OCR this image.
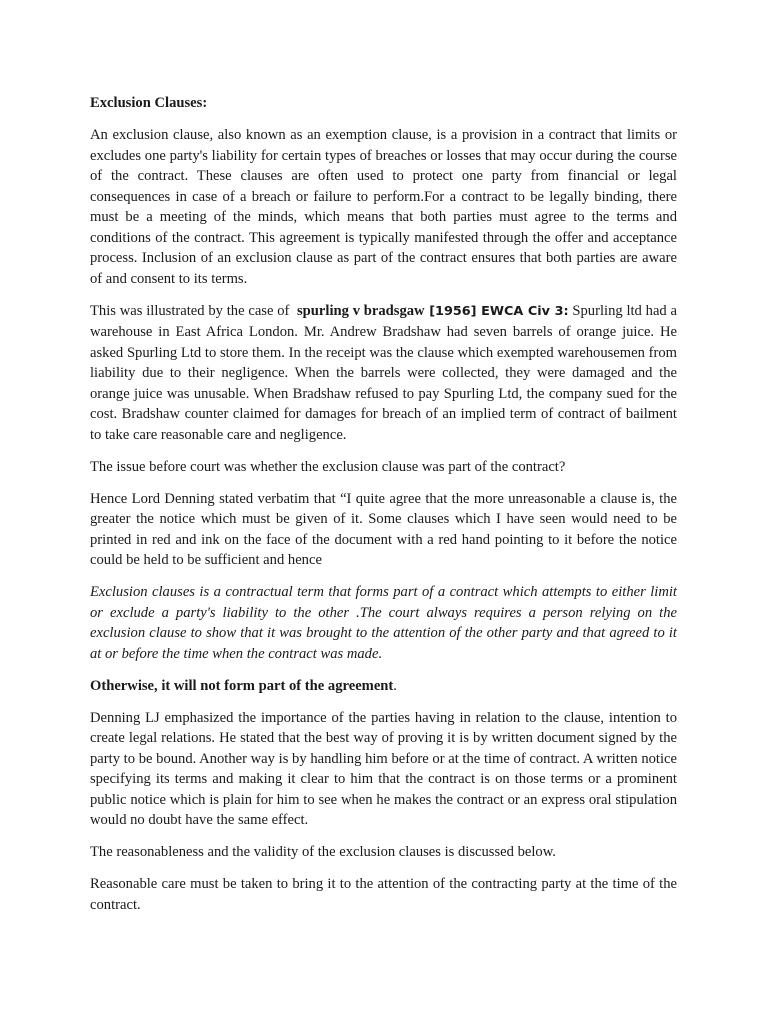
Exclusion Clauses:

An exclusion clause, also known as an exemption clause, is a provision in a contract that limits or excludes one party's liability for certain types of breaches or losses that may occur during the course of the contract. These clauses are often used to protect one party from financial or legal consequences in case of a breach or failure to perform.For a contract to be legally binding, there must be a meeting of the minds, which means that both parties must agree to the terms and conditions of the contract. This agreement is typically manifested through the offer and acceptance process. Inclusion of an exclusion clause as part of the contract ensures that both parties are aware of and consent to its terms.

This was illustrated by the case of spurling v bradsgaw [1956] EWCA Civ 3: Spurling ltd had a warehouse in East Africa London. Mr. Andrew Bradshaw had seven barrels of orange juice. He asked Spurling Ltd to store them. In the receipt was the clause which exempted warehousemen from liability due to their negligence. When the barrels were collected, they were damaged and the orange juice was unusable. When Bradshaw refused to pay Spurling Ltd, the company sued for the cost. Bradshaw counter claimed for damages for breach of an implied term of contract of bailment to take care reasonable care and negligence.

The issue before court was whether the exclusion clause was part of the contract?

Hence Lord Denning stated verbatim that “I quite agree that the more unreasonable a clause is, the greater the notice which must be given of it. Some clauses which I have seen would need to be printed in red and ink on the face of the document with a red hand pointing to it before the notice could be held to be sufficient and hence

Exclusion clauses is a contractual term that forms part of a contract which attempts to either limit or exclude a party's liability to the other .The court always requires a person relying on the exclusion clause to show that it was brought to the attention of the other party and that agreed to it at or before the time when the contract was made.

Otherwise, it will not form part of the agreement.

Denning LJ emphasized the importance of the parties having in relation to the clause, intention to create legal relations. He stated that the best way of proving it is by written document signed by the party to be bound. Another way is by handling him before or at the time of contract. A written notice specifying its terms and making it clear to him that the contract is on those terms or a prominent public notice which is plain for him to see when he makes the contract or an express oral stipulation would no doubt have the same effect.

The reasonableness and the validity of the exclusion clauses is discussed below.

Reasonable care must be taken to bring it to the attention of the contracting party at the time of the contract.
